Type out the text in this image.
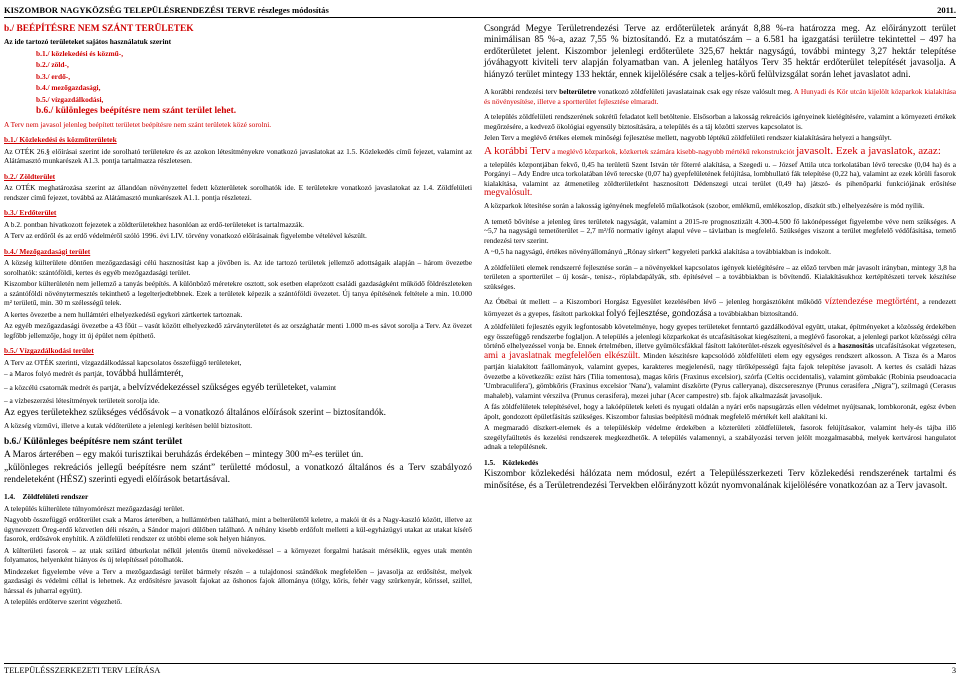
KISZOMBOR NAGYKÖZSÉG TELEPÜLÉSRENDEZÉSI TERVE részleges módosítás	2011.

b./ BEÉPÍTÉSRE NEM SZÁNT TERÜLETEK

Az ide tartozó területeket sajátos használatuk szerint

b.1./ közlekedési és közmű-,

b.2./ zöld-,

b.3./ erdő-,

b.4./ mezőgazdasági,

b.5./ vízgazdálkodási,

b.6./ különleges beépítésre nem szánt terület lehet.

A Terv nem javasol jelenleg beépített területet beépítésre nem szánt területek közé sorolni.

b.1./ Közlekedési és közműterületek

Az OTÉK 26.§ előírásai szerint ide sorolható területekre és az azokon létesítményekre vonatkozó javaslatokat az 1.5. Közlekedés című fejezet, valamint az Alátámasztó munkarészek A1.3. pontja tartalmazza részletesen.

b.2./ Zöldterület

Az OTÉK meghatározása szerint az állandóan növényzettel fedett közterületek sorolhatók ide. E területekre vonatkozó javaslatokat az 1.4. Zöldfelületi rendszer című fejezet, továbbá az Alátámasztó munkarészek A1.1. pontja részletezi.

b.3./ Erdőterület

A b.2. pontban hivatkozott fejezetek a zöldterületekhez hasonlóan az erdő-területeket is tartalmazzák.

A Terv az erdőről és az erdő védelméről szóló 1996. évi LIV. törvény vonatkozó előírásainak figyelembe vételével készült.

b.4./ Mezőgazdasági terület

A község külterülete döntően mezőgazdasági célú hasznosítást kap a jövőben is. Az ide tartozó területek jellemző adottságaik alapján – három övezetbe sorolhatók: szántóföldi, kertes és egyéb mezőgazdasági terület.

Kiszombor külterületén nem jellemző a tanyás beépítés. A különböző méretekre osztott, sok esetben elaprózott családi gazdaságként működő földrészleteken a szántóföldi növénytermesztés tekinthető a legelterjedtebbnek. Ezek a területek képezik a szántóföldi övezetet. Új tanya építésének feltétele a min. 10.000 m² területű, min. 30 m szélességű telek.

A kertes övezetbe a nem hullámtéri elhelyezkedésű egykori zártkertek tartoznak.

Az egyéb mezőgazdasági övezetbe a 43 főút – vasút között elhelyezkedő zárványterületet és az országhatár menti 1.000 m-es sávot sorolja a Terv. Az övezet legfőbb jellemzője, hogy itt új épület nem építhető.

b.5./ Vízgazdálkodási terület

A Terv az OTÉK szerinti, vízgazdálkodással kapcsolatos összefüggő területeket,

– a Maros folyó medrét és partját, továbbá hullámterét,

– a közcélú csatornák medrét és partját, a belvízvédekezéssel szükséges egyéb területeket, valamint

– a vízbeszerzési létesítmények területeit sorolja ide.

Az egyes területekhez szükséges védősávok – a vonatkozó általános előírások szerint – biztosítandók.

A község vízművi, illetve a kutak védőterülete a jelenlegi kerítésen belül biztosított.

b.6./ Különleges beépítésre nem szánt terület

A Maros árterében – egy makói turisztikai beruházás érdekében – mintegy 300 m²-es terület ún.

„különleges rekreációs jellegű beépítésre nem szánt” területté módosul, a vonatkozó általános és a Terv szabályozó rendeleteként (HÉSZ) szerinti egyedi előírások betartásával.

1.4. Zöldfelületi rendszer

A település külterülete túlnyomórészt mezőgazdasági terület.

Nagyobb összefüggő erdőterület csak a Maros árterében, a hullámtérben található, mint a belterülettől keletre, a makói út és a Nagy-kaszló között, illetve az úgynevezett Öreg-erdő közvetlen déli részén, a Sándor majori dűlőben található. A néhány kisebb erdőfolt melletti a kül-egyházügyi utakat az utakat kísérő fasorok, erdősávok enyhítik. A zöldfelületi rendszer ez utóbbi eleme sok helyen hiányos.

A külterületi fasorok – az utak szilárd útburkolat nélkül jelentős ütemű növekedéssel – a környezet forgalmi hatásait mérséklik, egyes utak mentén folyamatos, helyenként hiányos és új telepítéssel pótolhatók.

Mindezeket figyelembe véve a Terv a mezőgazdasági terület bármely részén – a tulajdonosi szándékok megfelelően – javasolja az erdősítést, melyek gazdasági és védelmi céllal is lehetnek. Az erdősítésre javasolt fajokat az őshonos fajok állománya (tölgy, kőris, fehér vagy szürkenyár, kőrissel, szillel, hárssal és juharral együtt).

A település erdőterve szerint végezhető.

Csongrád Megye Területrendezési Terve az erdőterületek arányát 8,88 %-ra határozza meg. Az előirányzott terület minimálisan 85 %-a, azaz 7,55 % biztosítandó. Ez a mutatószám – a 6.581 ha igazgatási területre tekintettel – 497 ha erdőterületet jelent. Kiszombor jelenlegi erdőterülete 325,67 hektár nagyságú, további mintegy 3,27 hektár telepítése jóváhagyott kiviteli terv alapján folyamatban van. A jelenleg hatályos Terv 35 hektár erdőterület telepítését javasolja. A hiányzó terület mintegy 133 hektár, ennek kijelölésére csak a teljes-körű felülvizsgálat során lehet javaslatot adni.

A korábbi rendezési terv belterületre vonatkozó zöldfelületi javaslatainak csak egy része valósult meg. A Hunyadi és Kör utcán kijelölt közparkok kialakítása és növényesítése, illetve a sportterület fejlesztése elmaradt.

A település zöldfelületi rendszerének sokrétű feladatot kell betöltenie. Elsősorban a lakosság rekreációs igényeinek kielégítésére, valamint a környezeti értékek megőrzésére, a kedvező ökológiai egyensúly biztosítására, a település és a táj közötti szerves kapcsolatot is.

Jelen Terv a meglévő értékes elemek minőségi fejlesztése mellett, nagyobb léptékű zöldfelületi rendszer kialakítására helyezi a hangsúlyt.

A korábbi Terv a meglévő közparkok, közkertek számára kisebb-nagyobb mértékű rekonstrukciót javasolt. Ezek a javaslatok, azaz:

a település központjában fekvő, 0,45 ha területű Szent István tér főterré alakítása, a Szegedi u. – József Attila utca torkolatában lévő terecske (0,04 ha) és a Porgányi – Ady Endre utca torkolatában lévő terecske (0,07 ha) gyepfelületének felújítása, lombhullató fák telepítése (0,22 ha), valamint az ezek körüli fasorok kialakítása, valamint az átmenetileg zöldterületként hasznosított Dédenszegi utcai terület (0,49 ha) játszó- és pihenőparki funkciójának erősítése megvalósult.

A közparkok létesítése során a lakosság igényének megfelelő műalkotások (szobor, emlékmű, emlékoszlop, díszkút stb.) elhelyezésére is mód nyílik.

A temető bővítése a jelenleg üres területek nagyságát, valamint a 2015-re prognosztizált 4.300-4.500 fő lakónépességet figyelembe véve nem szükséges. A ~5,7 ha nagyságú temetőterület – 2,7 m²/fő normatív igényt alapul véve – távlatban is megfelelő. Szükséges viszont a terület megfelelő védőfásítása, temető rendezési terv szerint.

A ~0,5 ha nagyságú, értékes növényállományú „Rónay sírkert” kegyeleti parkká alakítása a továbbiakban is indokolt.

A zöldfelületi elemek rendszerré fejlesztése során – a növényekkel kapcsolatos igények kielégítésére – az előző tervben már javasolt irányban, mintegy 3,8 ha területen a sportterület – új kosár-, tenisz-, röplabdapályák, stb. építésével – a továbbiakban is bővítendő. Kialakításukhoz kertépítészeti tervek készítése szükséges.

Az Óbébai út mellett – a Kiszombori Horgász Egyesület kezelésében lévő – jelenleg horgásztóként működő víztendezése megtörtént, a rendezett környezet és a gyepes, fásított parkokkal folyó fejlesztése, gondozása a továbbiakban biztosítandó.

A zöldfelületi fejlesztés egyik legfontosabb követelménye, hogy gyepes területeket fenntartó gazdálkodóval együtt, utakat, építményeket a közösség érdekében egy összefüggő rendszerbe foglaljon. A település a jelenlegi közparkokat és utcafásításokat kiegészíteni, a meglévő fasorokat, a jelenlegi parkot közösségi célra történő elhelyezéssel vonja be. Ennek értelmében, illetve gyümölcsfákkal fásított lakóterület-részek egyesítésével és a hasznosítás utcafásításokat végzetesen, ami a javaslatnak megfelelően elkészült. Minden készítésre kapcsolódó zöldfelületi elem egy egységes rendszert alkosson. A Tisza és a Maros partján kialakított faállományok, valamint gyepes, karakteres megjelenésű, nagy tűrőképességű fajta fajok telepítése javasolt. A kertes és családi házas övezetbe a következők: ezüst hárs (Tilia tomentosa), magas kőris (Fraxinus excelsior), szórfa (Celtis occidentalis), valamint gömbakác (Robinia pseudoacacia 'Umbraculifera'), gömbkőris (Fraxinus excelsior 'Nana'), valamint díszkörte (Pyrus calleryana), díszcseresznye (Prunus cerasifera „Nigra”), szilmagú (Cerasus mahaleb), valamint vérszilva (Prunus cerasifera), mezei juhar (Acer campestre) stb. fajok alkalmazását javasoljuk.

A fás zöldfelületek telepítésével, hogy a lakóépületek keleti és nyugati oldalán a nyári erős napsugárzás ellen védelmet nyújtsanak, lombkoronát, egész évben ápolt, gondozott épületfásítás szükséges. Kiszombor falusias beépítésű módnak megfelelő mértékét kell alakítani ki.

A megmaradó díszkert-elemek és a településkép védelme érdekében a közterületi zöldfelületek, fasorok felújításakor, valamint hely-és tájba illő szegélyfaültetés és kezelési rendszerek megkezdhetők. A település valamennyi, a szabályozási terven jelölt mozgalmasabbá, melyek kertvárosi hangulatot adnak a településnek.

1.5. Közlekedés

Kiszombor közlekedési hálózata nem módosul, ezért a Településszerkezeti Terv közlekedési rendszerének tartalmi és minősítése, és a Területrendezési Tervekben előirányzott közút nyomvonalának kijelölésére vonatkozóan az a Terv javasolt.

TELEPÜLÉSSZERKEZETI TERV LEÍRÁSA	3
